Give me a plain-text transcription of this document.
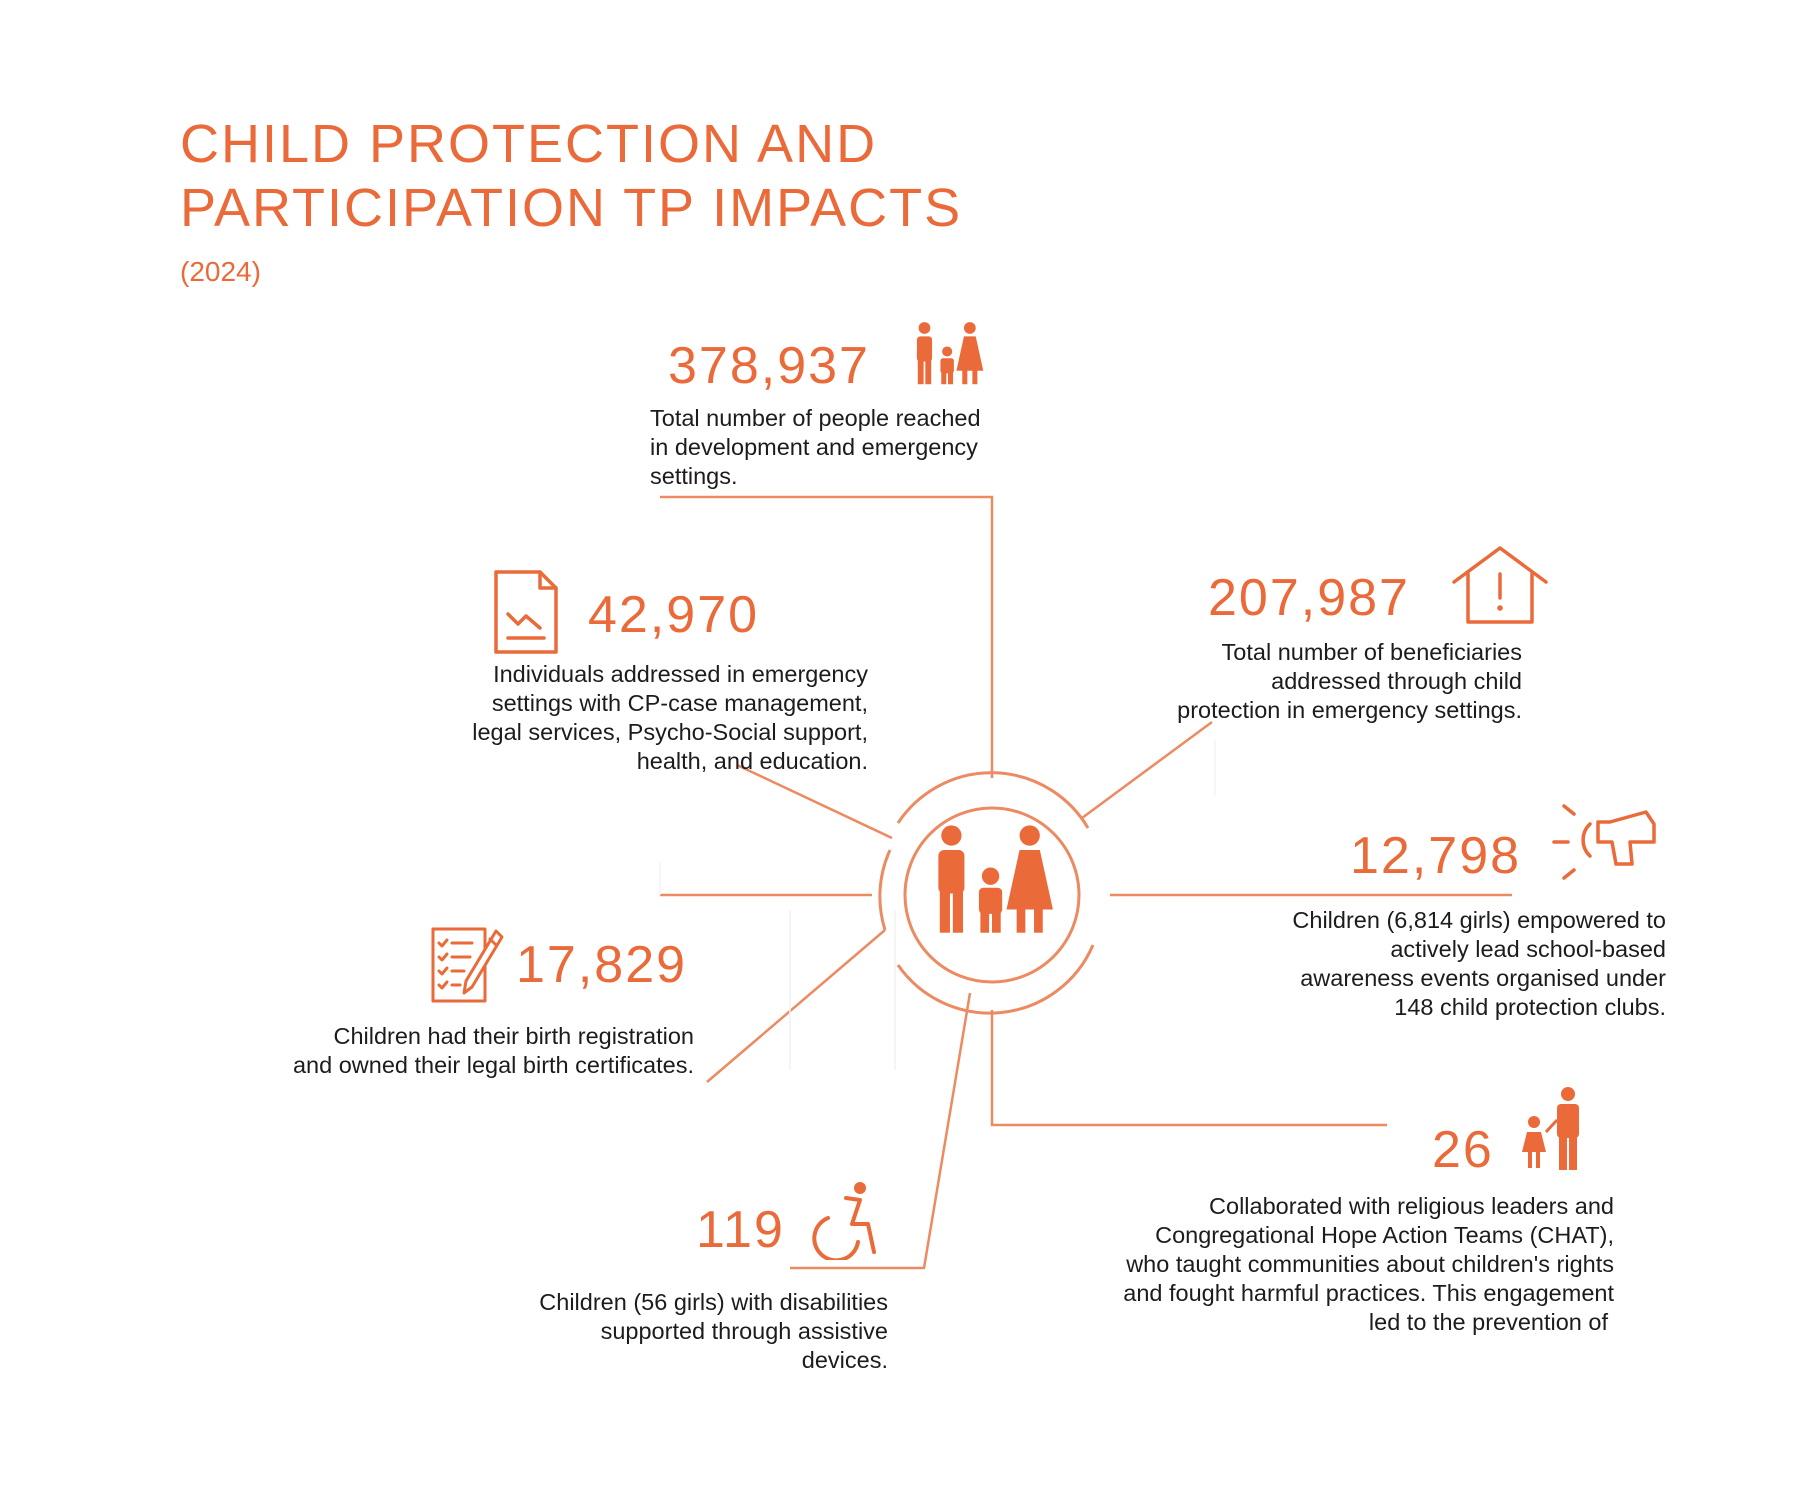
CHILD PROTECTION AND
PARTICIPATION TP IMPACTS
(2024)
378,937
Total number of people reached
in development and emergency
settings.
42,970
Individuals addressed in emergency
settings with CP-case management,
legal services, Psycho-Social support,
health, and education.
17,829
Children had their birth registration
and owned their legal birth certificates.
119
Children (56 girls) with disabilities
supported through assistive
devices.
207,987
Total number of beneficiaries
addressed through child
protection in emergency settings.
12,798
Children (6,814 girls) empowered to
actively lead school-based
awareness events organised under
148 child protection clubs.
26
Collaborated with religious leaders and
Congregational Hope Action Teams (CHAT),
who taught communities about children's rights
and fought harmful practices. This engagement
led to the prevention of
